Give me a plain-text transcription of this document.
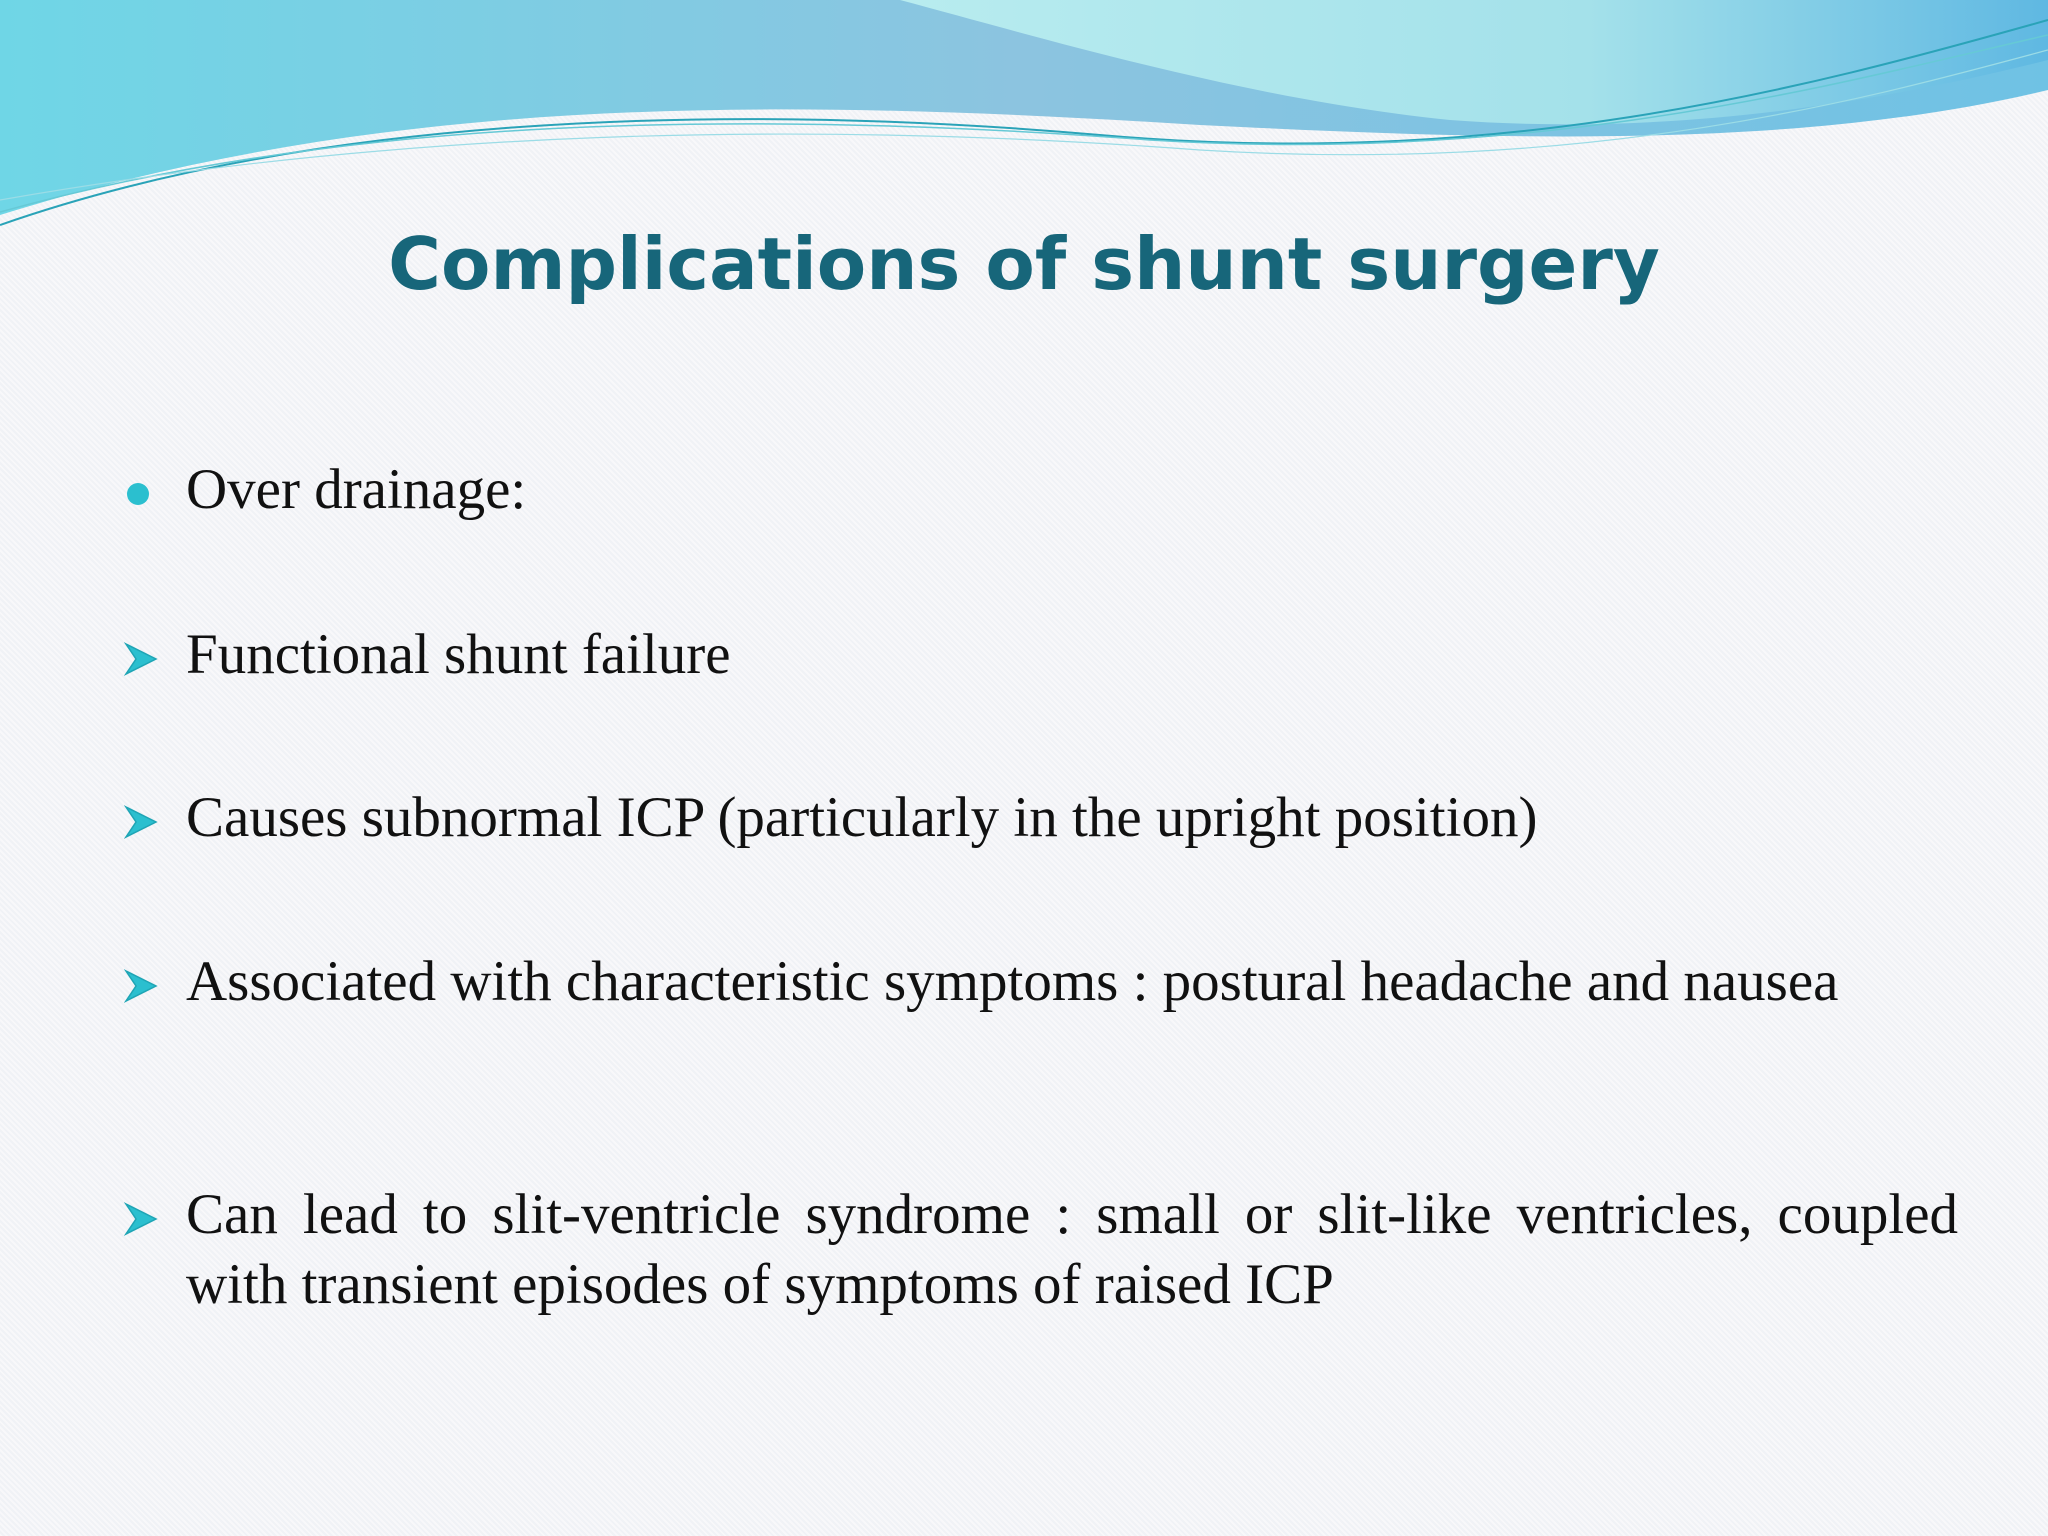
Complications of shunt surgery
Over drainage:
Functional shunt failure
Causes subnormal ICP (particularly in the upright position)
Associated with characteristic symptoms : postural headache and nausea
Can lead to slit-ventricle syndrome : small or slit-like ventricles, coupled with transient episodes of symptoms of raised ICP
